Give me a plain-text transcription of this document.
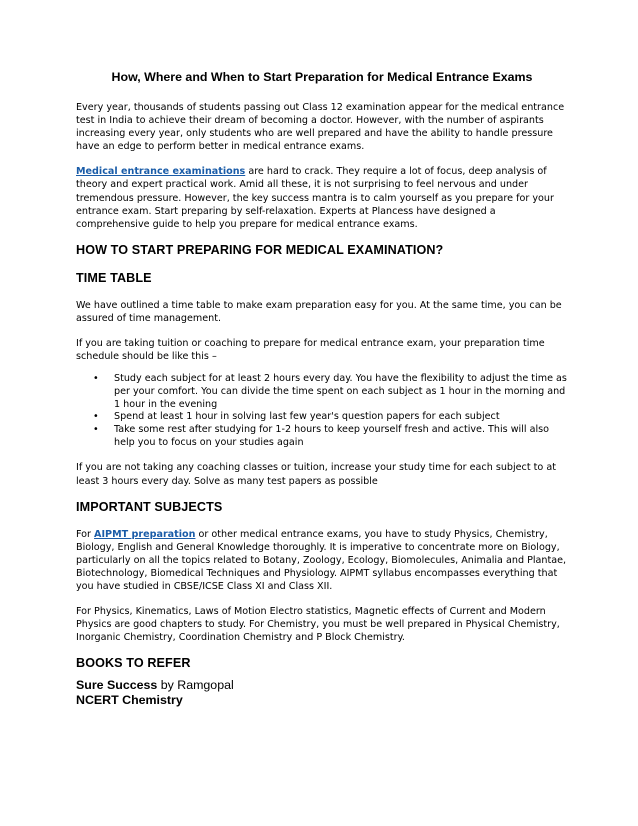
How, Where and When to Start Preparation for Medical Entrance Exams

Every year, thousands of students passing out Class 12 examination appear for the medical entrance test in India to achieve their dream of becoming a doctor. However, with the number of aspirants increasing every year, only students who are well prepared and have the ability to handle pressure have an edge to perform better in medical entrance exams.

Medical entrance examinations are hard to crack. They require a lot of focus, deep analysis of theory and expert practical work. Amid all these, it is not surprising to feel nervous and under tremendous pressure. However, the key success mantra is to calm yourself as you prepare for your entrance exam. Start preparing by self-relaxation. Experts at Plancess have designed a comprehensive guide to help you prepare for medical entrance exams.

HOW TO START PREPARING FOR MEDICAL EXAMINATION?
TIME TABLE

We have outlined a time table to make exam preparation easy for you. At the same time, you can be assured of time management.

If you are taking tuition or coaching to prepare for medical entrance exam, your preparation time schedule should be like this –

• Study each subject for at least 2 hours every day. You have the flexibility to adjust the time as per your comfort. You can divide the time spent on each subject as 1 hour in the morning and 1 hour in the evening
• Spend at least 1 hour in solving last few year's question papers for each subject
• Take some rest after studying for 1-2 hours to keep yourself fresh and active. This will also help you to focus on your studies again

If you are not taking any coaching classes or tuition, increase your study time for each subject to at least 3 hours every day. Solve as many test papers as possible

IMPORTANT SUBJECTS

For AIPMT preparation or other medical entrance exams, you have to study Physics, Chemistry, Biology, English and General Knowledge thoroughly. It is imperative to concentrate more on Biology, particularly on all the topics related to Botany, Zoology, Ecology, Biomolecules, Animalia and Plantae, Biotechnology, Biomedical Techniques and Physiology. AIPMT syllabus encompasses everything that you have studied in CBSE/ICSE Class XI and Class XII.

For Physics, Kinematics, Laws of Motion Electro statistics, Magnetic effects of Current and Modern Physics are good chapters to study. For Chemistry, you must be well prepared in Physical Chemistry, Inorganic Chemistry, Coordination Chemistry and P Block Chemistry.

BOOKS TO REFER
Sure Success by Ramgopal
NCERT Chemistry
